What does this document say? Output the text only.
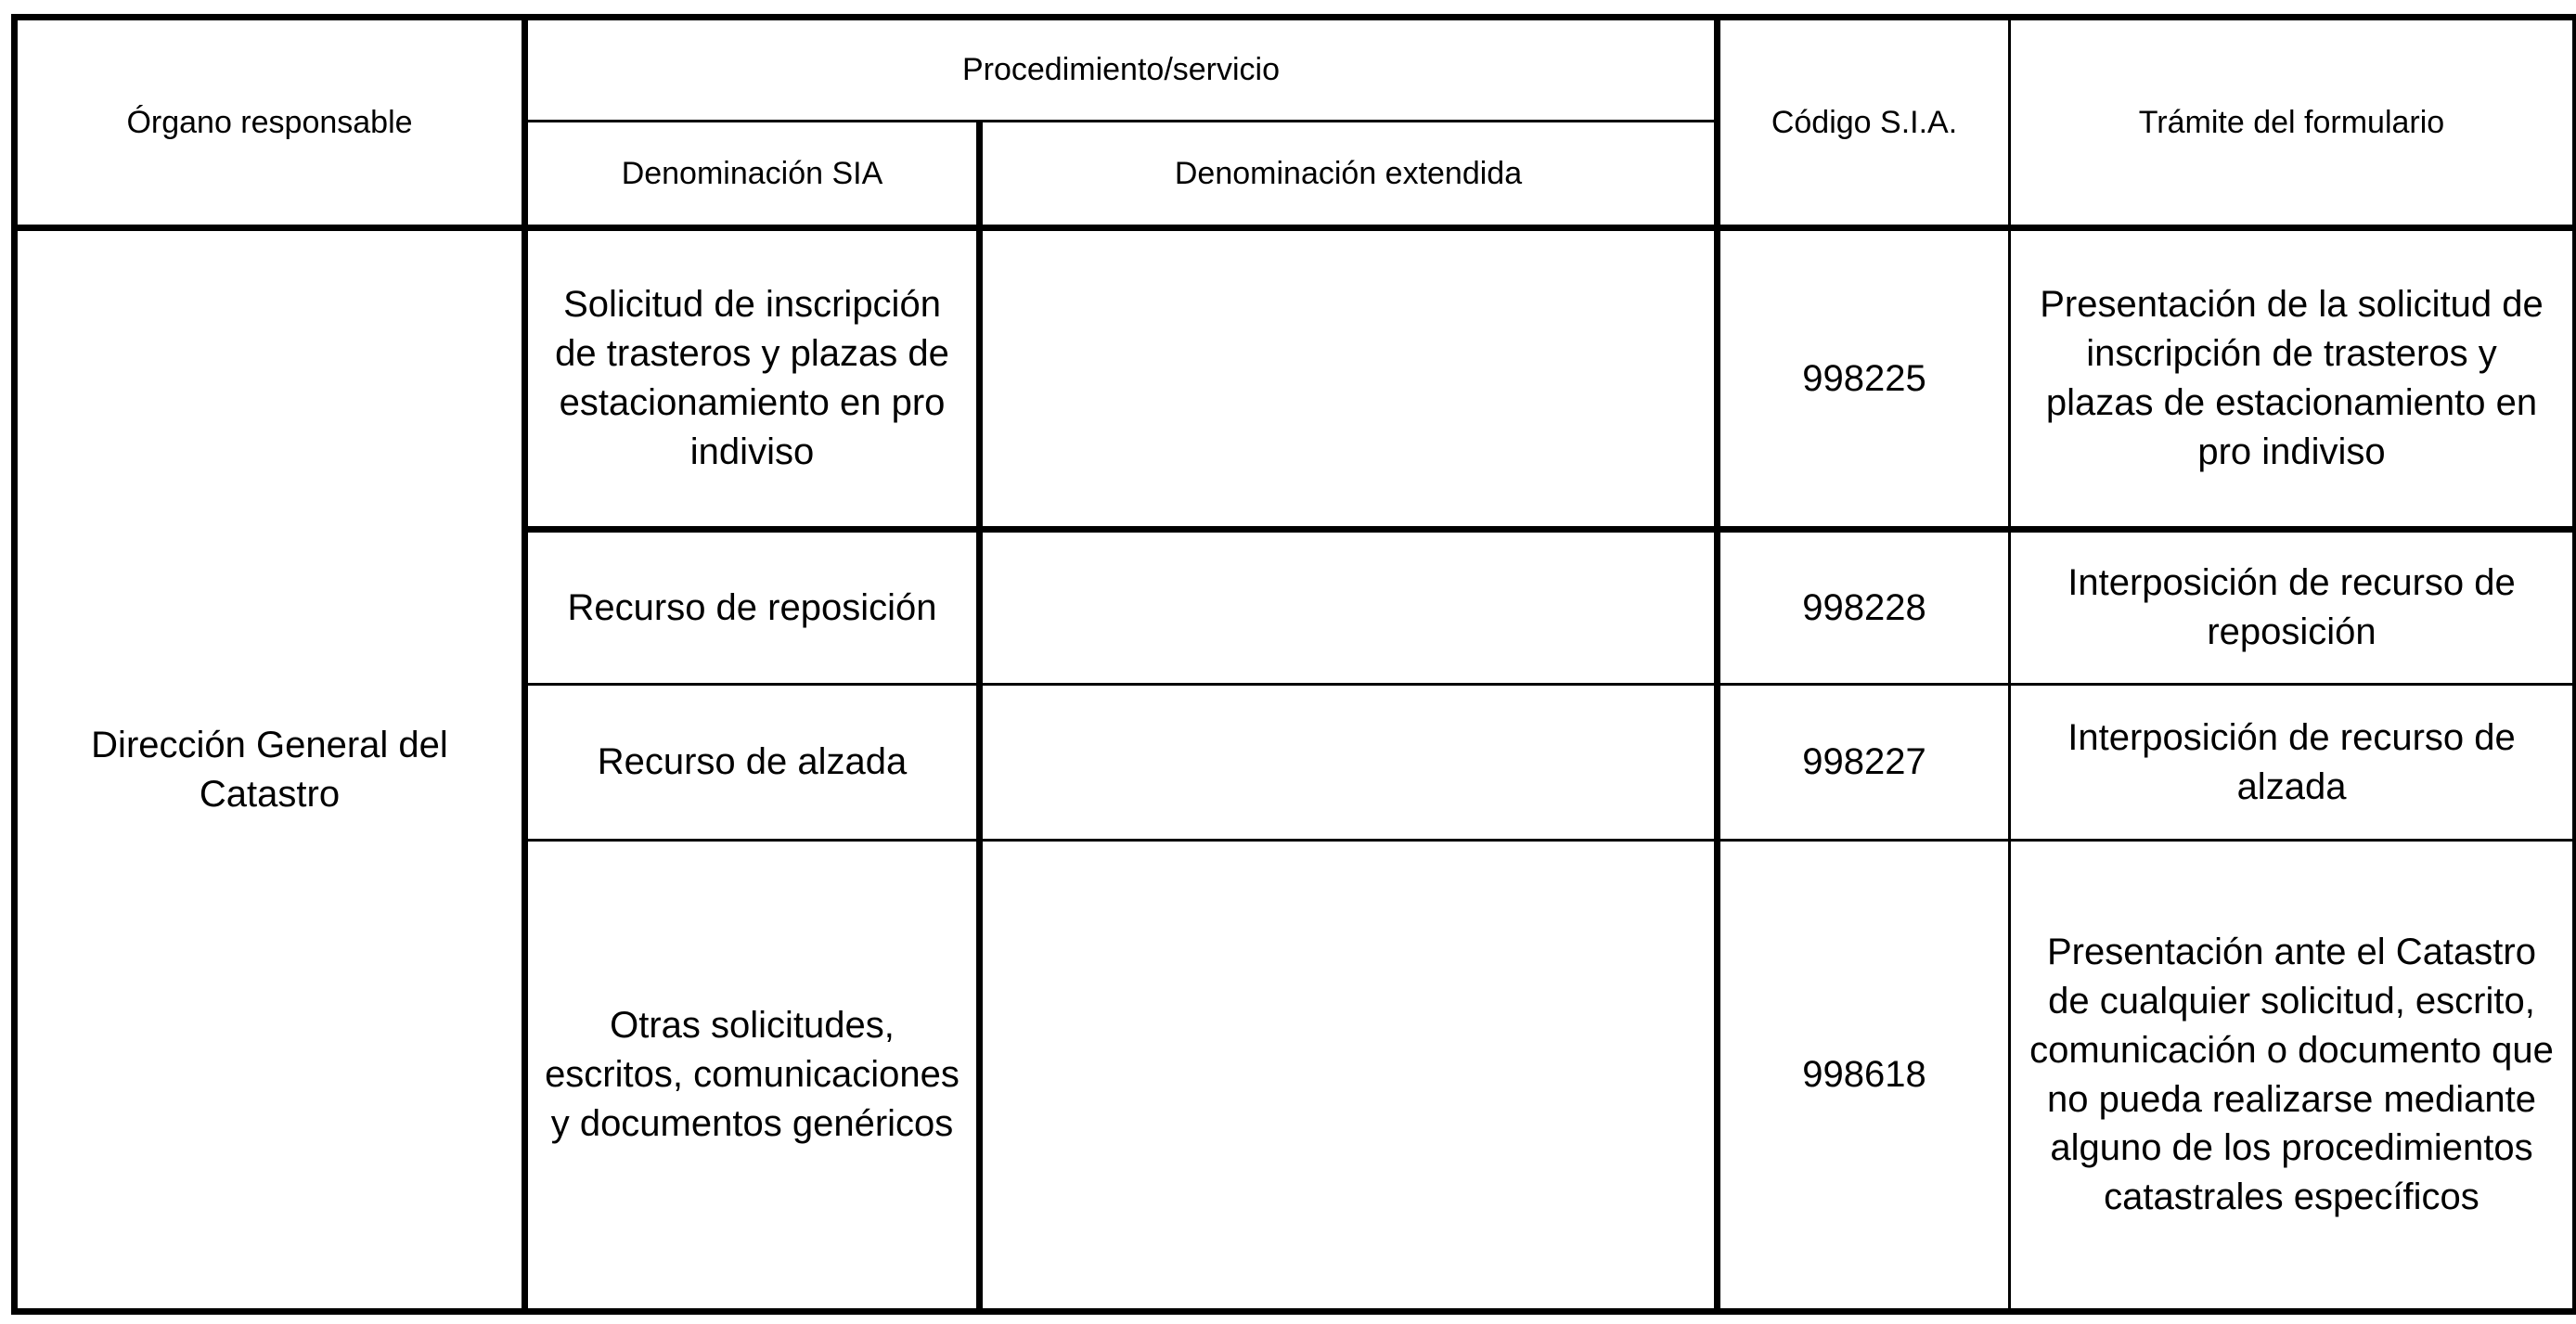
Órgano responsable	Procedimiento/servicio		Código S.I.A.	Trámite del formulario
	Denominación SIA	Denominación extendida		
Dirección General del Catastro	Solicitud de inscripción de trasteros y plazas de estacionamiento en pro indiviso		998225	Presentación de la solicitud de inscripción de trasteros y plazas de estacionamiento en pro indiviso
	Recurso de reposición		998228	Interposición de recurso de reposición
	Recurso de alzada		998227	Interposición de recurso de alzada
	Otras solicitudes, escritos, comunicaciones y documentos genéricos		998618	Presentación ante el Catastro de cualquier solicitud, escrito, comunicación o documento que no pueda realizarse mediante alguno de los procedimientos catastrales específicos
